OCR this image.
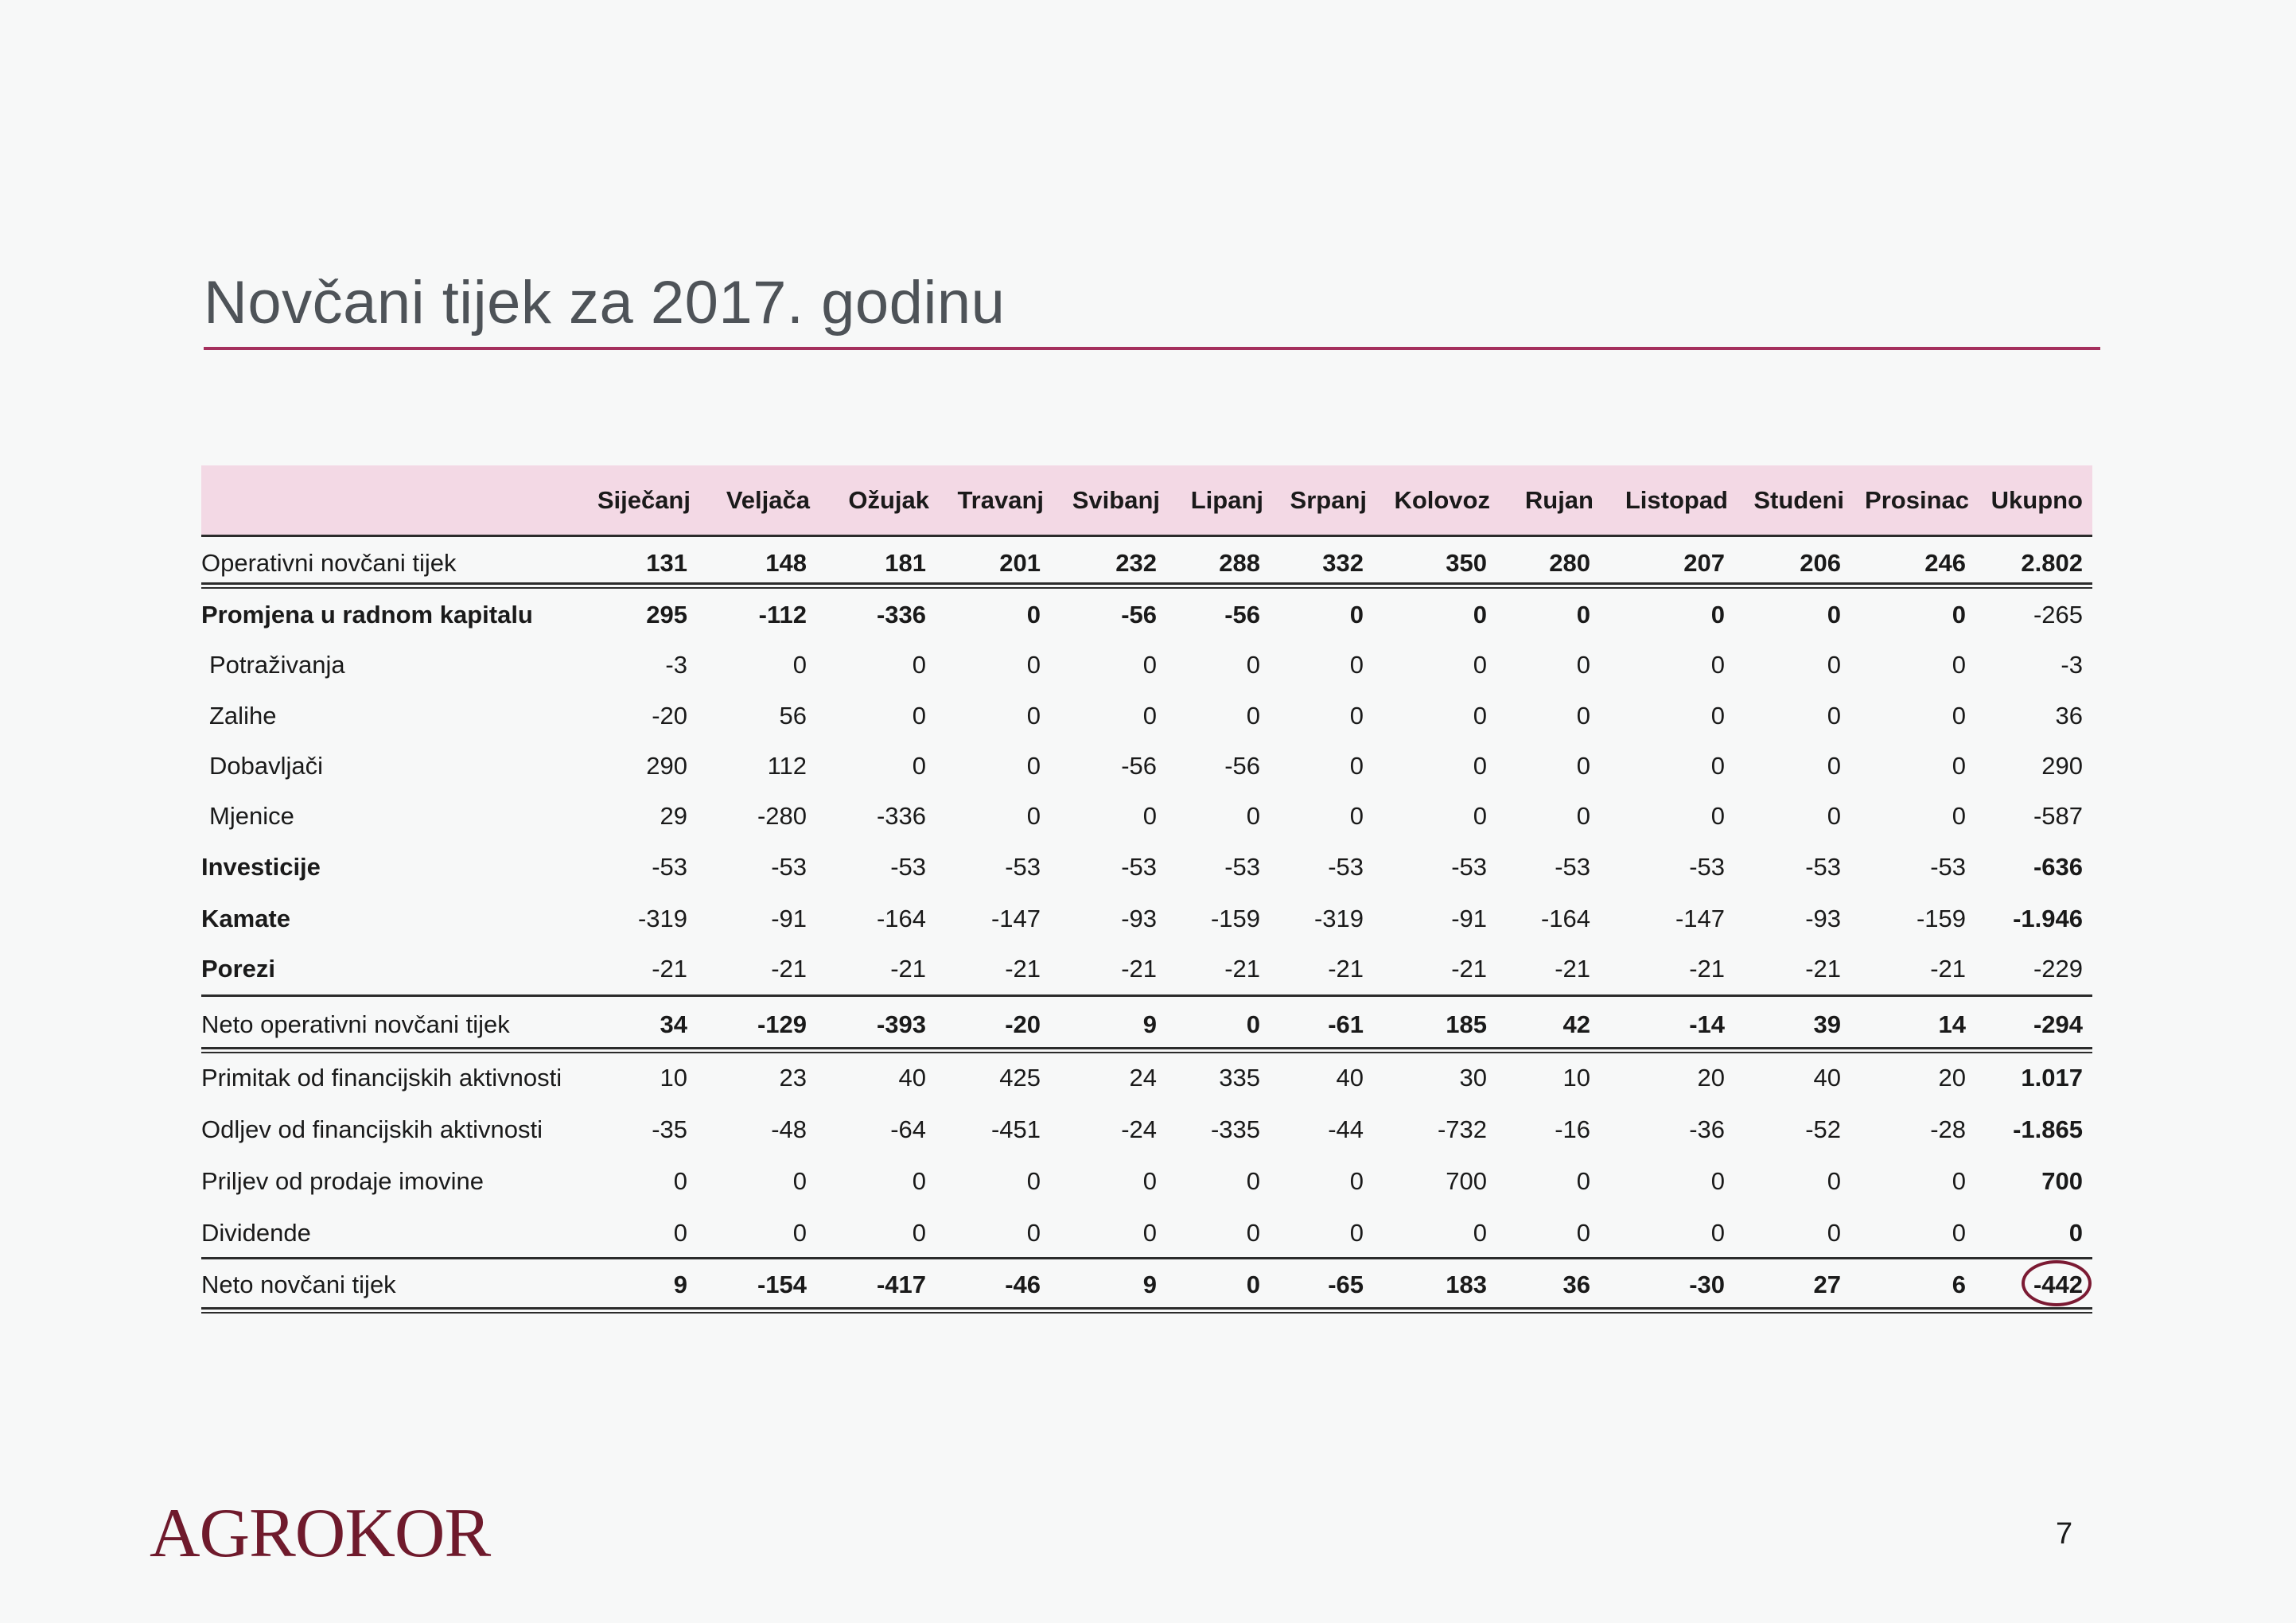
Novčani tijek za 2017. godinu
Siječanj	Veljača	Ožujak	Travanj	Svibanj	Lipanj	Srpanj	Kolovoz	Rujan	Listopad	Studeni Prosinac Ukupno
Operativni novčani tijek	131	148	181	201	232	288	332	350	280	207	206	246	2.802
Promjena u radnom kapitalu	295	-112	-336	0	-56	-56	0	0	0	0	0	0	-265
Potraživanja	-3	0	0	0	0	0	0	0	0	0	0	0	-3
Zalihe	-20	56	0	0	0	0	0	0	0	0	0	0	36
Dobavljači	290	112	0	0	-56	-56	0	0	0	0	0	0	290
Mjenice	29	-280	-336	0	0	0	0	0	0	0	0	0	-587
Investicije	-53	-53	-53	-53	-53	-53	-53	-53	-53	-53	-53	-53	-636
Kamate	-319	-91	-164	-147	-93	-159	-319	-91	-164	-147	-93	-159	-1.946
Porezi	-21	-21	-21	-21	-21	-21	-21	-21	-21	-21	-21	-21	-229
Neto operativni novčani tijek	34	-129	-393	-20	9	0	-61	185	42	-14	39	14	-294
Primitak od financijskih aktivnosti	10	23	40	425	24	335	40	30	10	20	40	20	1.017
Odljev od financijskih aktivnosti	-35	-48	-64	-451	-24	-335	-44	-732	-16	-36	-52	-28	-1.865
Priljev od prodaje imovine	0	0	0	0	0	0	0	700	0	0	0	0	700
Dividende	0	0	0	0	0	0	0	0	0	0	0	0	0
Neto novčani tijek	9	-154	-417	-46	9	0	-65	183	36	-30	27	6	-442
AGROKOR	7
